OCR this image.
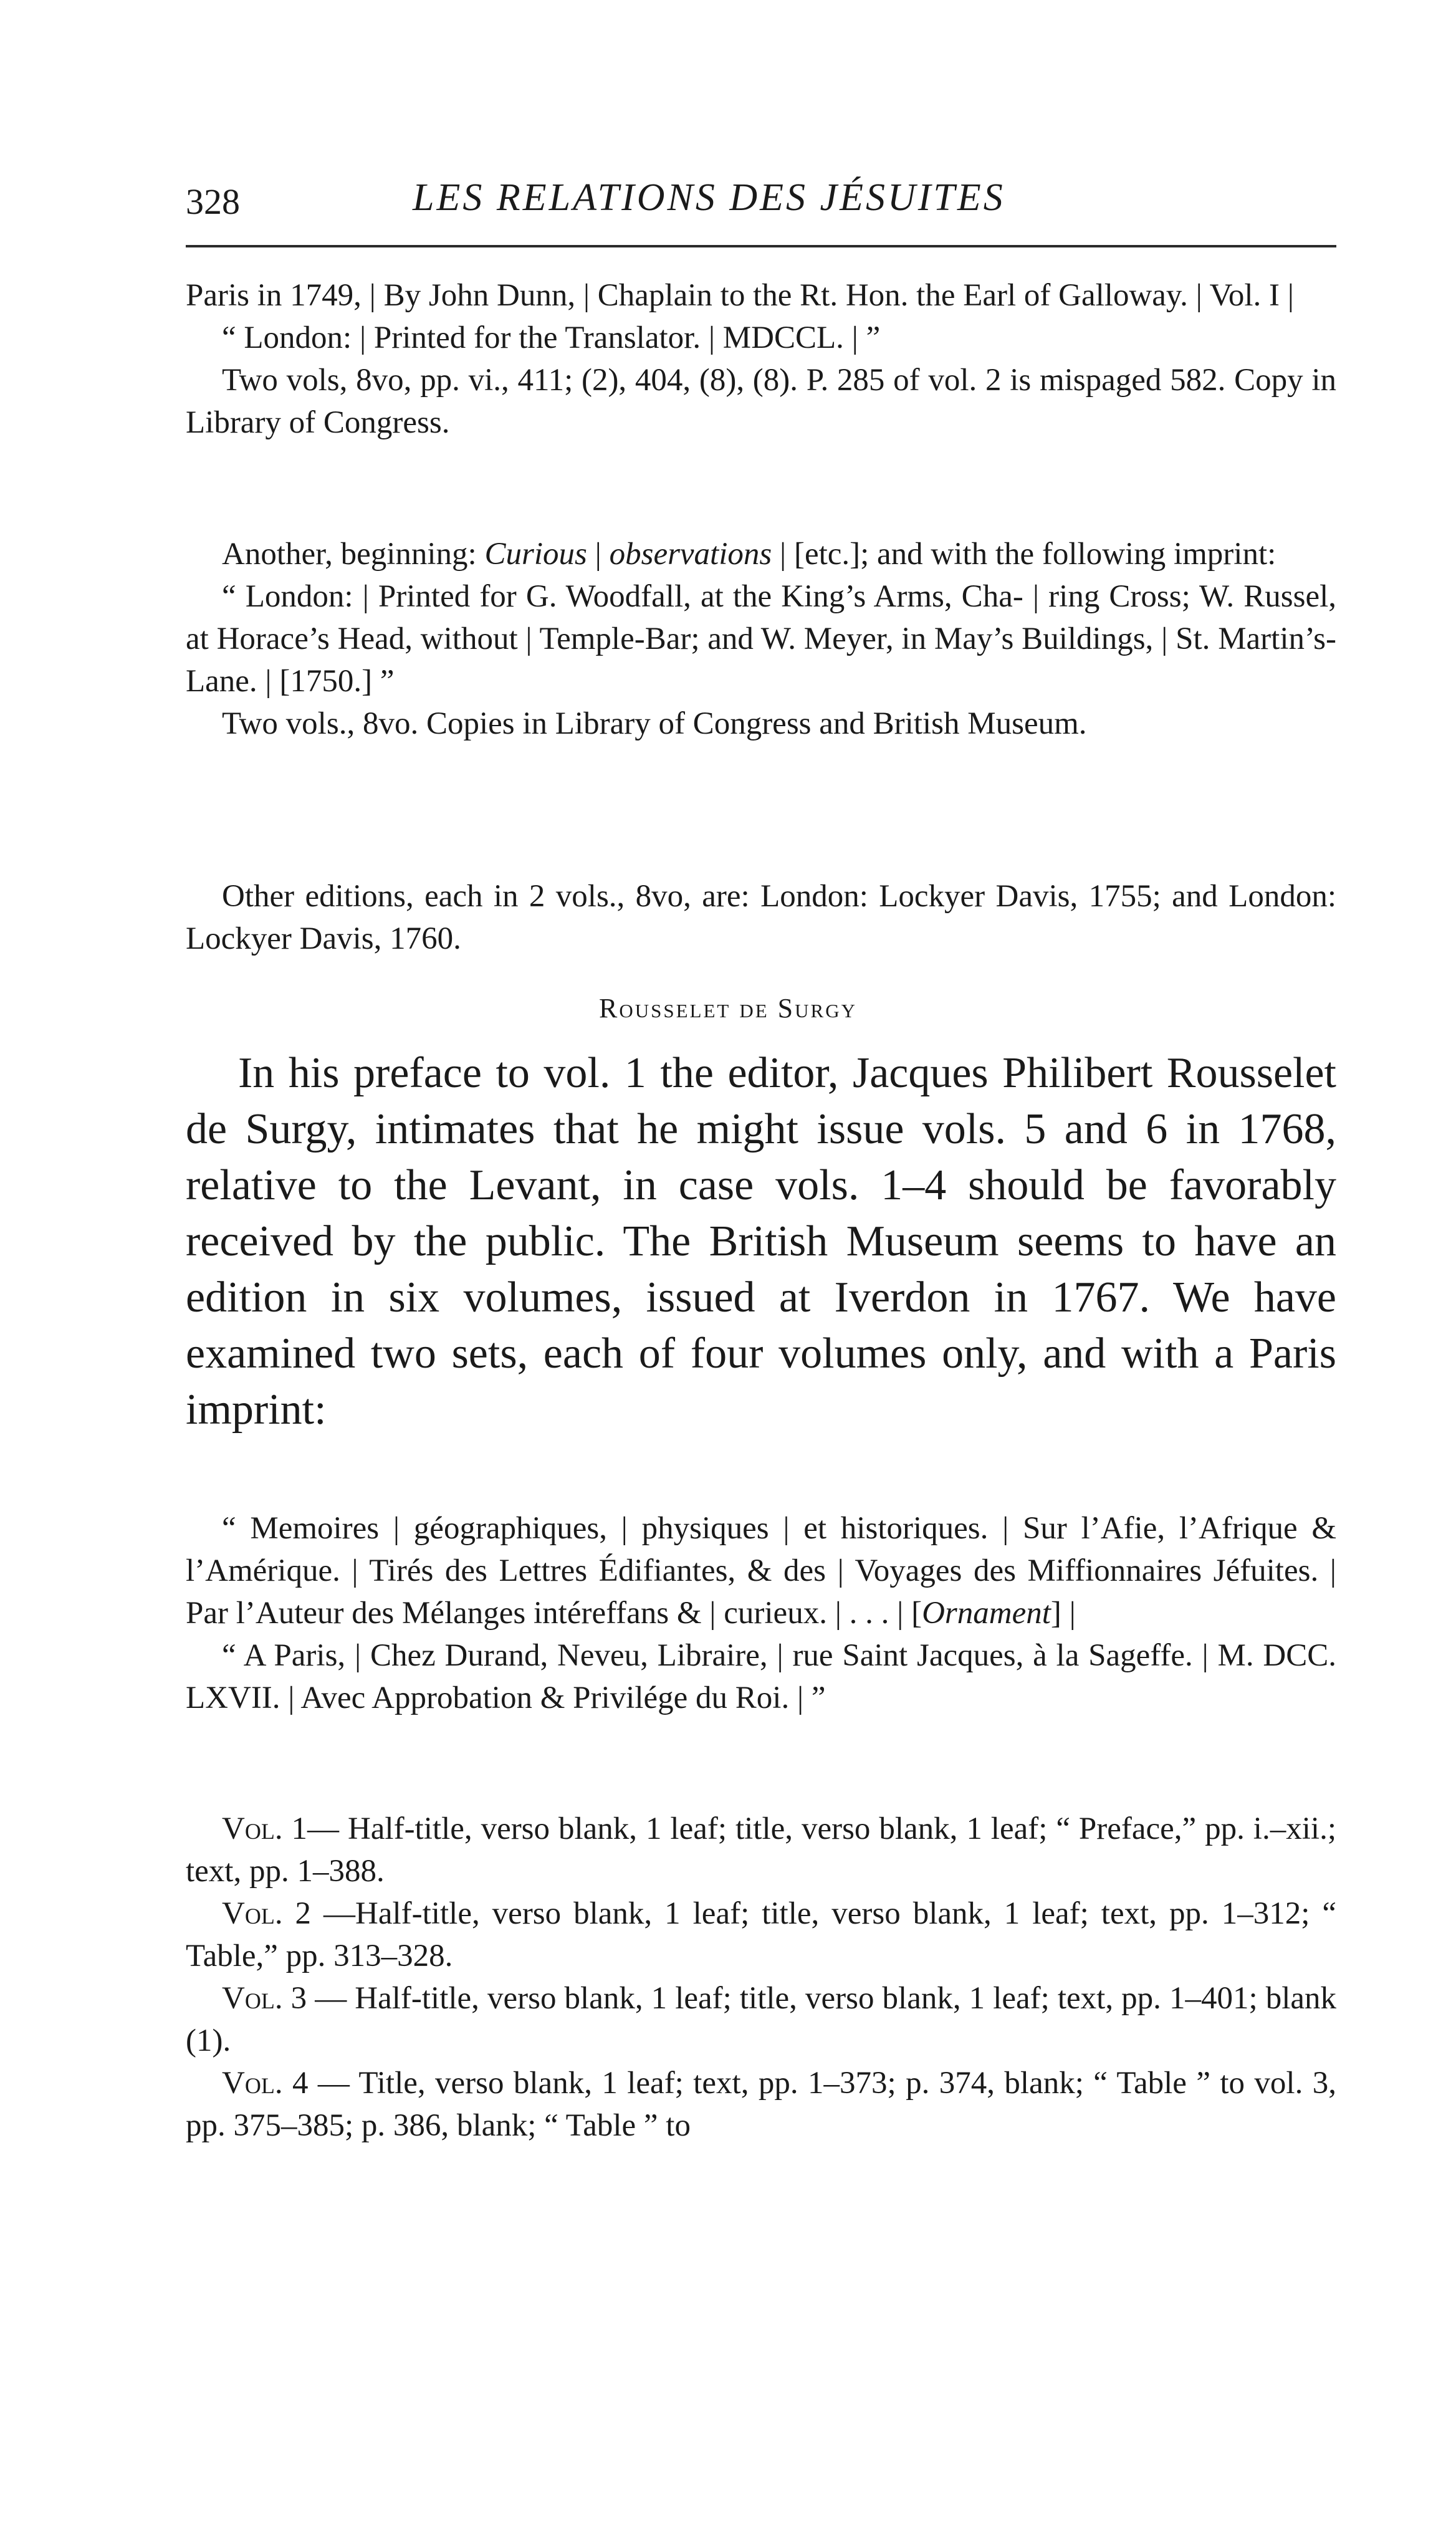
328	LES RELATIONS DES JÉSUITES

Paris in 1749, | By John Dunn, | Chaplain to the Rt. Hon. the Earl of Galloway. | Vol. I |

“ London: | Printed for the Translator. | MDCCL. | ”

Two vols, 8vo, pp. vi., 411; (2), 404, (8), (8). P. 285 of vol. 2 is mispaged 582. Copy in Library of Congress.

Another, beginning: Curious | observations | [etc.]; and with the following imprint:

“ London: | Printed for G. Woodfall, at the King’s Arms, Cha- | ring Cross; W. Russel, at Horace’s Head, without | Temple-Bar; and W. Meyer, in May’s Buildings, | St. Martin’s-Lane. | [1750.] ”

Two vols., 8vo. Copies in Library of Congress and British Museum.

Other editions, each in 2 vols., 8vo, are: London: Lockyer Davis, 1755; and London: Lockyer Davis, 1760.

Rousselet de Surgy

In his preface to vol. 1 the editor, Jacques Philibert Rousselet de Surgy, intimates that he might issue vols. 5 and 6 in 1768, relative to the Levant, in case vols. 1–4 should be favorably received by the public. The British Museum seems to have an edition in six volumes, issued at Iverdon in 1767. We have examined two sets, each of four volumes only, and with a Paris imprint:

“ Memoires | géographiques, | physiques | et historiques. | Sur l’Afie, l’Afrique & l’Amérique. | Tirés des Lettres Édifiantes, & des | Voyages des Miffionnaires Jéfuites. | Par l’Auteur des Mélanges intéreffans & | curieux. | . . . | [Ornament] |

“ A Paris, | Chez Durand, Neveu, Libraire, | rue Saint Jacques, à la Sageffe. | M. DCC. LXVII. | Avec Approbation & Privilége du Roi. | ”

Vol. 1— Half-title, verso blank, 1 leaf; title, verso blank, 1 leaf; “ Preface,” pp. i.–xii.; text, pp. 1–388.

Vol. 2 —Half-title, verso blank, 1 leaf; title, verso blank, 1 leaf; text, pp. 1–312; “ Table,” pp. 313–328.

Vol. 3 — Half-title, verso blank, 1 leaf; title, verso blank, 1 leaf; text, pp. 1–401; blank (1).

Vol. 4 — Title, verso blank, 1 leaf; text, pp. 1–373; p. 374, blank; “ Table ” to vol. 3, pp. 375–385; p. 386, blank; “ Table ” to
